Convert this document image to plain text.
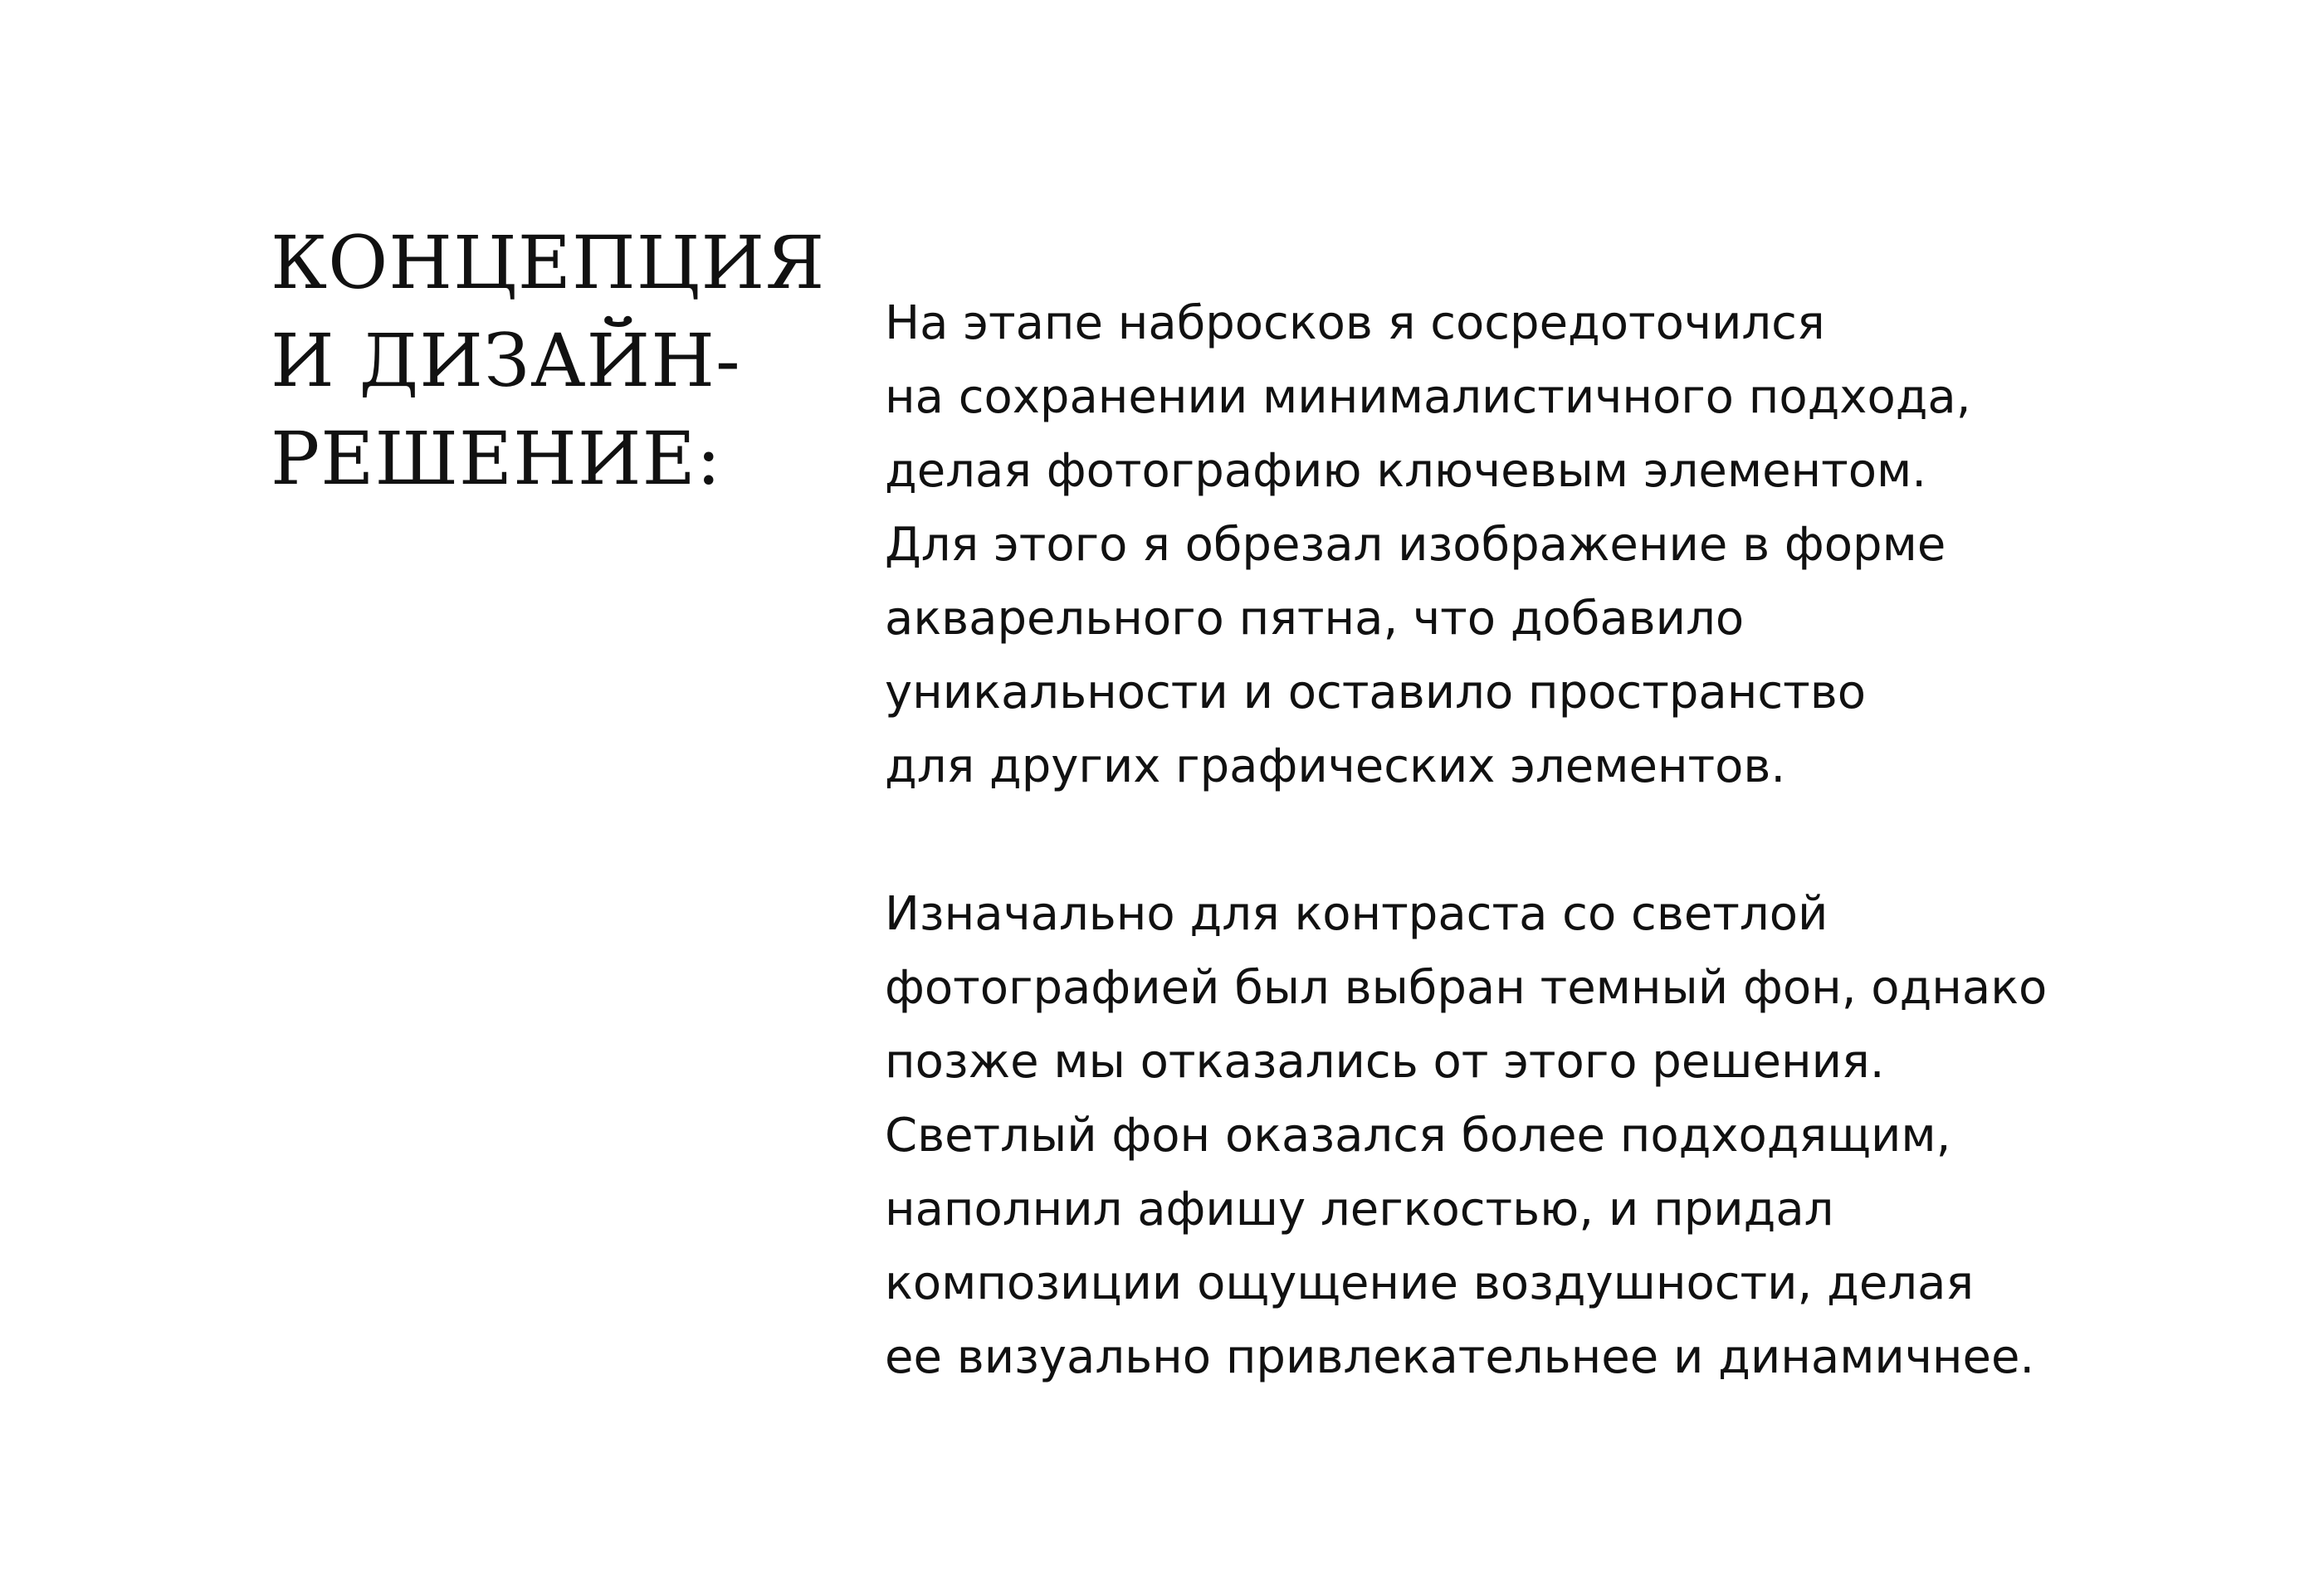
КОНЦЕПЦИЯ
И ДИЗАЙН-
РЕШЕНИЕ:

На этапе набросков я сосредоточился
на сохранении минималистичного подхода,
делая фотографию ключевым элементом.
Для этого я обрезал изображение в форме
акварельного пятна, что добавило
уникальности и оставило пространство
для других графических элементов.

Изначально для контраста со светлой
фотографией был выбран темный фон, однако
позже мы отказались от этого решения.
Светлый фон оказался более подходящим,
наполнил афишу легкостью, и придал
композиции ощущение воздушности, делая
ее визуально привлекательнее и динамичнее.
